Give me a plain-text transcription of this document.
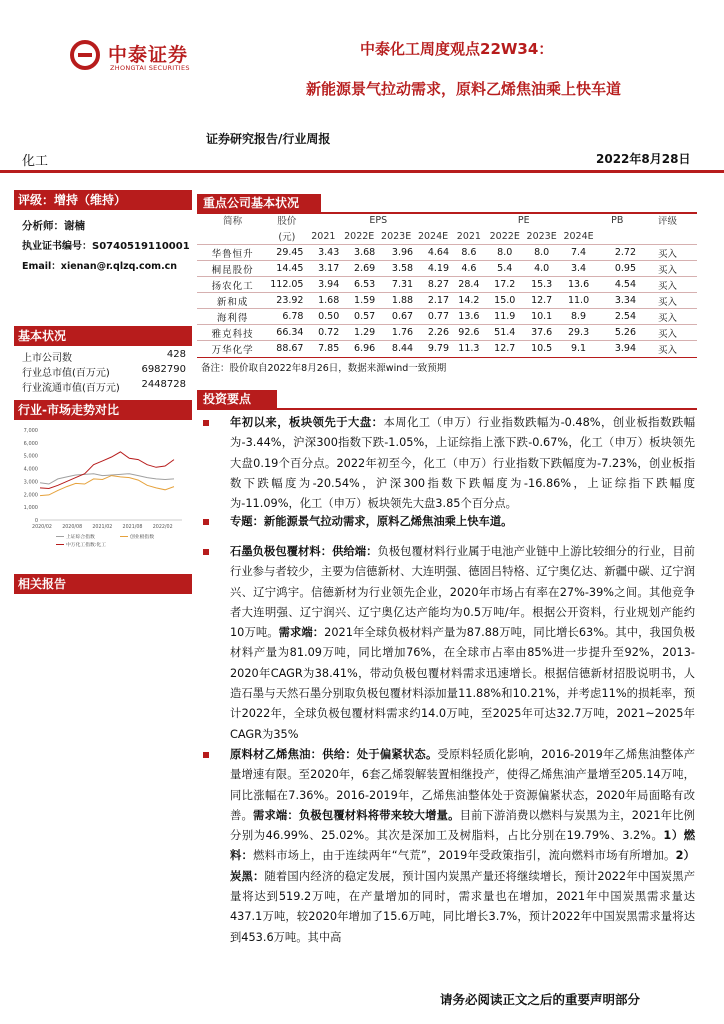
中泰证券
ZHONGTAI SECURITIES
中泰化工周度观点22W34：
新能源景气拉动需求，原料乙烯焦油乘上快车道
证券研究报告/行业周报
化工	2022年8月28日
评级：增持（维持）
分析师：谢楠
执业证书编号：S0740519110001
Email：xienan@r.qlzq.com.cn
基本状况
上市公司数	428
行业总市值(百万元)	6982790
行业流通市值(百万元)	2448728
行业-市场走势对比
0
1,000
2,000
3,000
4,000
5,000
6,000
7,000
2020/02 2020/08 2021/02 2021/08 2022/02
上证综合指数	创业板指数
中万化工指数:化工
相关报告
重点公司基本状况
简称	股价	EPS				PE				PB	评级
	(元)	2021	2022E	2023E	2024E	2021	2022E	2023E	2024E		
华鲁恒升	29.45	3.43	3.68	3.96	4.64	8.6	8.0	8.0	7.4	2.72	买入
桐昆股份	14.45	3.17	2.69	3.58	4.19	4.6	5.4	4.0	3.4	0.95	买入
扬农化工	112.05	3.94	6.53	7.31	8.27	28.4	17.2	15.3	13.6	4.54	买入
新和成	23.92	1.68	1.59	1.88	2.17	14.2	15.0	12.7	11.0	3.34	买入
海利得	6.78	0.50	0.57	0.67	0.77	13.6	11.9	10.1	8.9	2.54	买入
雅克科技	66.34	0.72	1.29	1.76	2.26	92.6	51.4	37.6	29.3	5.26	买入
万华化学	88.67	7.85	6.96	8.44	9.79	11.3	12.7	10.5	9.1	3.94	买入
备注：股价取自2022年8月26日，数据来源wind一致预期
投资要点
年初以来，板块领先于大盘：本周化工（申万）行业指数跌幅为-0.48%，创业板指数跌幅为-3.44%，沪深300指数下跌-1.05%，上证综指上涨下跌-0.67%，化工（申万）板块领先大盘0.19个百分点。2022年初至今，化工（申万）行业指数下跌幅度为-7.23%，创业板指数下跌幅度为-20.54%，沪深300指数下跌幅度为-16.86%，上证综指下跌幅度为-11.09%，化工（申万）板块领先大盘3.85个百分点。
专题：新能源景气拉动需求，原料乙烯焦油乘上快车道。
石墨负极包覆材料：供给端：负极包覆材料行业属于电池产业链中上游比较细分的行业，目前行业参与者较少，主要为信德新材、大连明强、德固吕特格、辽宁奥亿达、新疆中碳、辽宁润兴、辽宁鸿宇。信德新材为行业领先企业，2020年市场占有率在27%-39%之间。其他竞争者大连明强、辽宁润兴、辽宁奥亿达产能均为0.5万吨/年。根据公开资料，行业规划产能约10万吨。需求端：2021年全球负极材料产量为87.88万吨，同比增长63%。其中，我国负极材料产量为81.09万吨，同比增加76%，在全球市占率由85%进一步提升至92%，2013-2020年CAGR为38.41%，带动负极包覆材料需求迅速增长。根据信德新材招股说明书，人造石墨与天然石墨分别取负极包覆材料添加量11.88%和10.21%，并考虑11%的损耗率，预计2022年，全球负极包覆材料需求约14.0万吨，至2025年可达32.7万吨，2021~2025年CAGR为35%
原料材乙烯焦油：供给：处于偏紧状态。受原料轻质化影响，2016-2019年乙烯焦油整体产量增速有限。至2020年，6套乙烯裂解装置相继投产，使得乙烯焦油产量增至205.14万吨，同比涨幅在7.36%。2016-2019年，乙烯焦油整体处于资源偏紧状态，2020年局面略有改善。需求端：负极包覆材料将带来较大增量。目前下游消费以燃料与炭黑为主，2021年比例分别为46.99%、25.02%。其次是深加工及树脂料，占比分别在19.79%、3.2%。1）燃料：燃料市场上，由于连续两年“气荒”，2019年受政策指引，流向燃料市场有所增加。2）炭黑：随着国内经济的稳定发展，预计国内炭黑产量还将继续增长，预计2022年中国炭黑产量将达到519.2万吨，在产量增加的同时，需求量也在增加，2021年中国炭黑需求量达437.1万吨，较2020年增加了15.6万吨，同比增长3.7%，预计2022年中国炭黑需求量将达到453.6万吨。其中高
请务必阅读正文之后的重要声明部分
